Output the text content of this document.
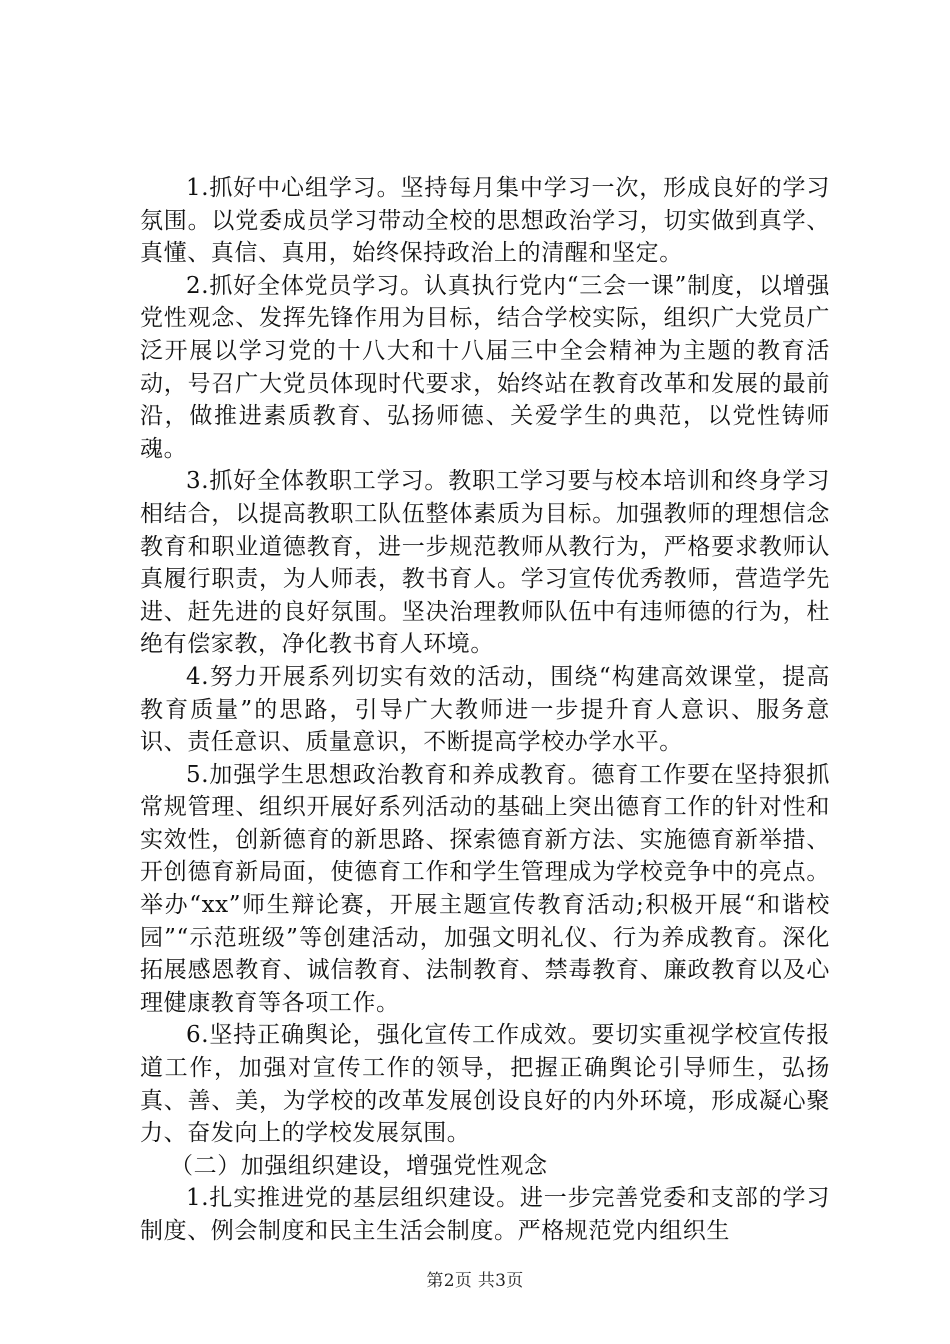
1.抓好中心组学习。坚持每月集中学习一次，形成良好的学习氛围。以党委成员学习带动全校的思想政治学习，切实做到真学、真懂、真信、真用，始终保持政治上的清醒和坚定。

2.抓好全体党员学习。认真执行党内“三会一课”制度，以增强党性观念、发挥先锋作用为目标，结合学校实际，组织广大党员广泛开展以学习党的十八大和十八届三中全会精神为主题的教育活动，号召广大党员体现时代要求，始终站在教育改革和发展的最前沿，做推进素质教育、弘扬师德、关爱学生的典范，以党性铸师魂。

3.抓好全体教职工学习。教职工学习要与校本培训和终身学习相结合，以提高教职工队伍整体素质为目标。加强教师的理想信念教育和职业道德教育，进一步规范教师从教行为，严格要求教师认真履行职责，为人师表，教书育人。学习宣传优秀教师，营造学先进、赶先进的良好氛围。坚决治理教师队伍中有违师德的行为，杜绝有偿家教，净化教书育人环境。

4.努力开展系列切实有效的活动，围绕“构建高效课堂，提高教育质量”的思路，引导广大教师进一步提升育人意识、服务意识、责任意识、质量意识，不断提高学校办学水平。

5.加强学生思想政治教育和养成教育。德育工作要在坚持狠抓常规管理、组织开展好系列活动的基础上突出德育工作的针对性和实效性，创新德育的新思路、探索德育新方法、实施德育新举措、开创德育新局面，使德育工作和学生管理成为学校竞争中的亮点。举办“xx”师生辩论赛，开展主题宣传教育活动;积极开展“和谐校园”“示范班级”等创建活动，加强文明礼仪、行为养成教育。深化拓展感恩教育、诚信教育、法制教育、禁毒教育、廉政教育以及心理健康教育等各项工作。

6.坚持正确舆论，强化宣传工作成效。要切实重视学校宣传报道工作，加强对宣传工作的领导，把握正确舆论引导师生，弘扬真、善、美，为学校的改革发展创设良好的内外环境，形成凝心聚力、奋发向上的学校发展氛围。

（二）加强组织建设，增强党性观念

1.扎实推进党的基层组织建设。进一步完善党委和支部的学习制度、例会制度和民主生活会制度。严格规范党内组织生

第2页 共3页
